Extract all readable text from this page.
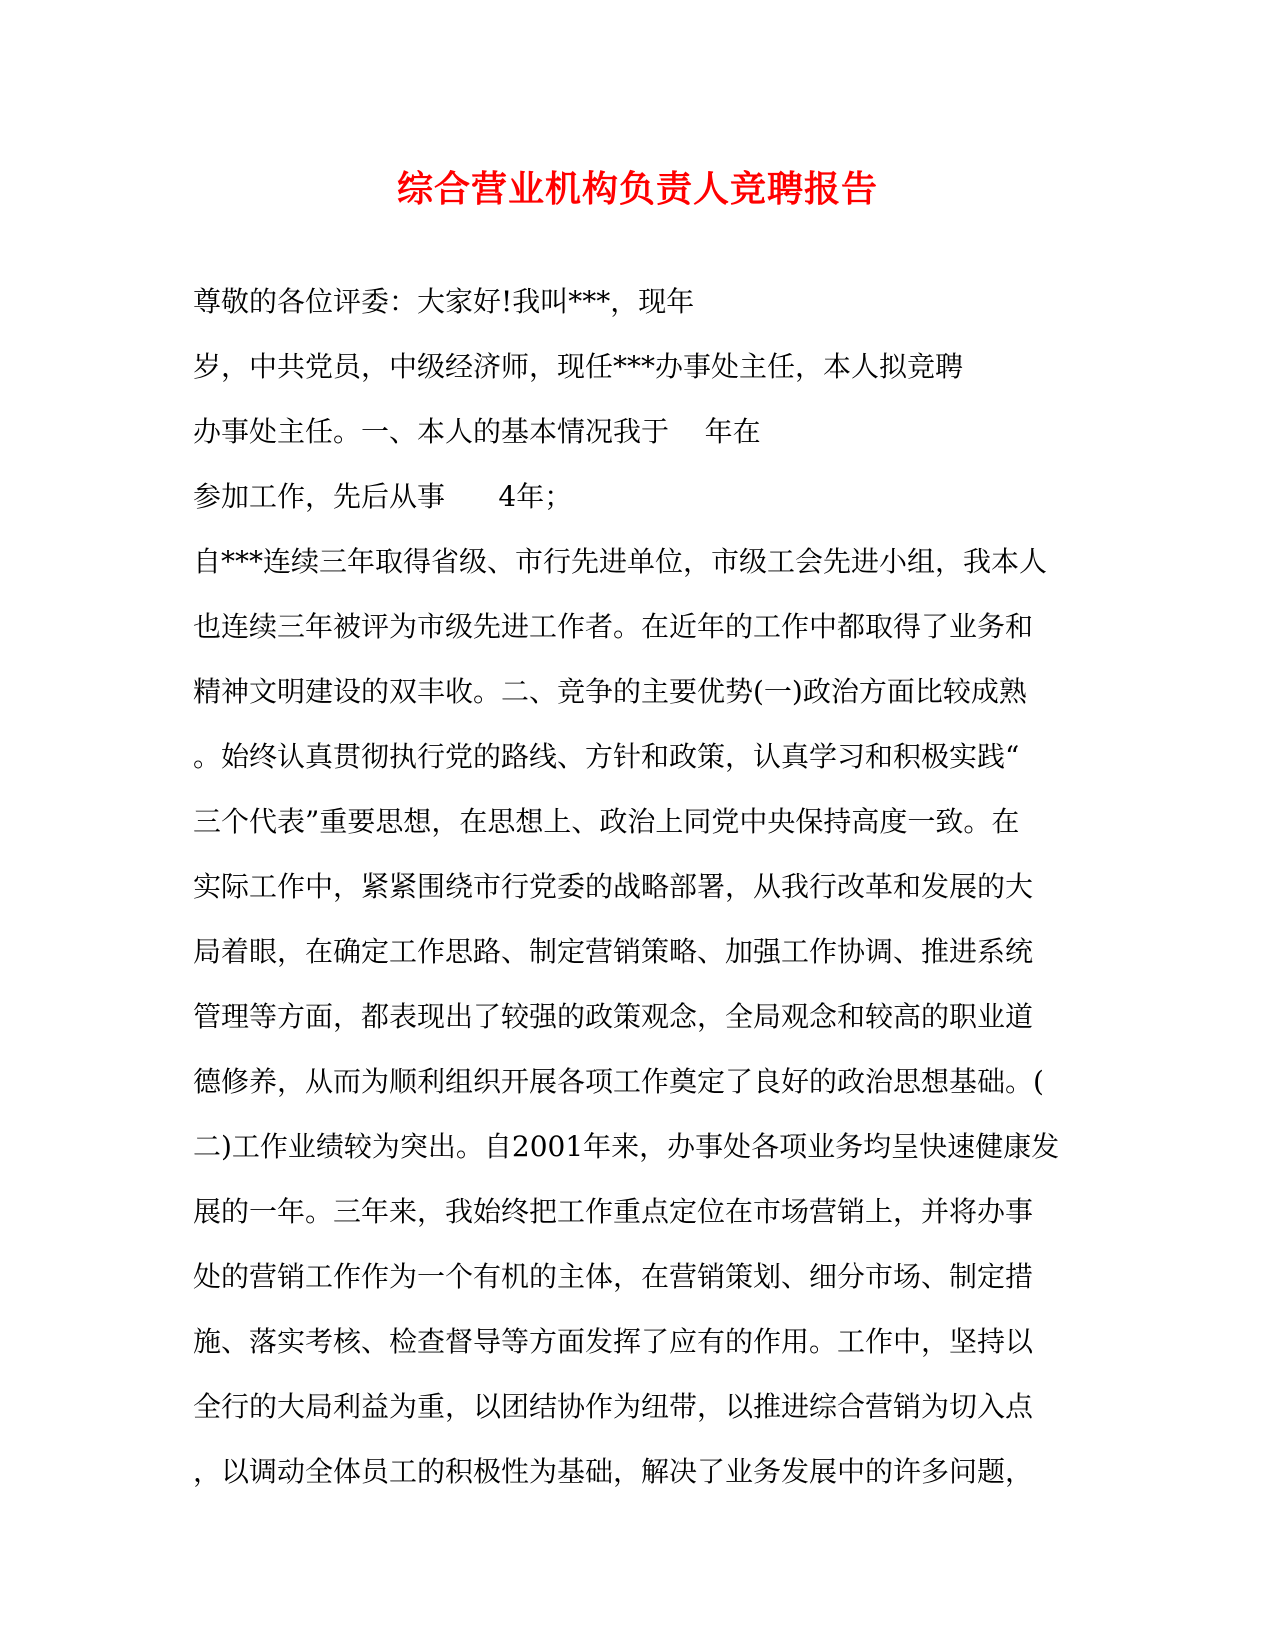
综合营业机构负责人竞聘报告

尊敬的各位评委：大家好!我叫***，现年

岁，中共党员，中级经济师，现任***办事处主任，本人拟竞聘

办事处主任。一、本人的基本情况我于    年在

参加工作，先后从事      4年；

自***连续三年取得省级、市行先进单位，市级工会先进小组，我本人

也连续三年被评为市级先进工作者。在近年的工作中都取得了业务和

精神文明建设的双丰收。二、竞争的主要优势(一)政治方面比较成熟

。始终认真贯彻执行党的路线、方针和政策，认真学习和积极实践“

三个代表”重要思想，在思想上、政治上同党中央保持高度一致。在

实际工作中，紧紧围绕市行党委的战略部署，从我行改革和发展的大

局着眼，在确定工作思路、制定营销策略、加强工作协调、推进系统

管理等方面，都表现出了较强的政策观念，全局观念和较高的职业道

德修养，从而为顺利组织开展各项工作奠定了良好的政治思想基础。(

二)工作业绩较为突出。自2001年来，办事处各项业务均呈快速健康发

展的一年。三年来，我始终把工作重点定位在市场营销上，并将办事

处的营销工作作为一个有机的主体，在营销策划、细分市场、制定措

施、落实考核、检查督导等方面发挥了应有的作用。工作中，坚持以

全行的大局利益为重，以团结协作为纽带，以推进综合营销为切入点

，以调动全体员工的积极性为基础，解决了业务发展中的许多问题，
